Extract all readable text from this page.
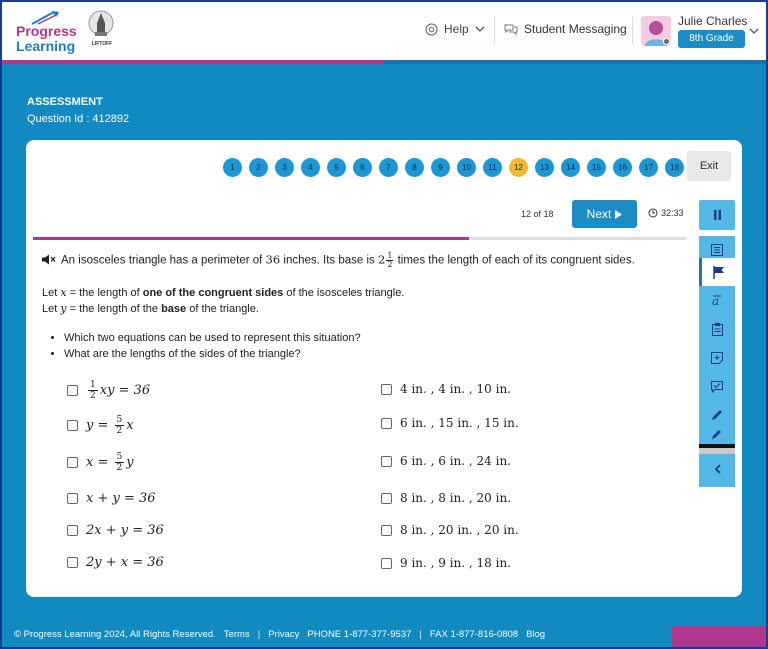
Progress
Learning	LIFTOFF
Help	Student Messaging
Julie Charles
8th Grade
ASSESSMENT
Question Id : 412892
1	2	3	4	5	6	7	8	9	10	11	12	13	14	15	16	17	18	Exit
12 of 18	Next	32:33
a
An isosceles triangle has a perimeter of 36 inches. Its base is $2 \frac{1}{2}$ times the length of each of its congruent sides.
Let x = the length of one of the congruent sides of the isosceles triangle.
Let y = the length of the base of the triangle.
• Which two equations can be used to represent this situation?
• What are the lengths of the sides of the triangle?
$\frac{1}{2}$ xy = 36
$y = \frac{5}{2}$ x
$x = \frac{5}{2}$ y
x + y = 36
2x + y = 36
2y + x = 36
4 in. , 4 in. , 10 in.
6 in. , 15 in. , 15 in.
6 in. , 6 in. , 24 in.
8 in. , 8 in. , 20 in.
8 in. , 20 in. , 20 in.
9 in. , 9 in. , 18 in.
© Progress Learning 2024, All Rights Reserved. Terms | Privacy PHONE 1-877-377-9537 | FAX 1-877-816-0808 Blog
